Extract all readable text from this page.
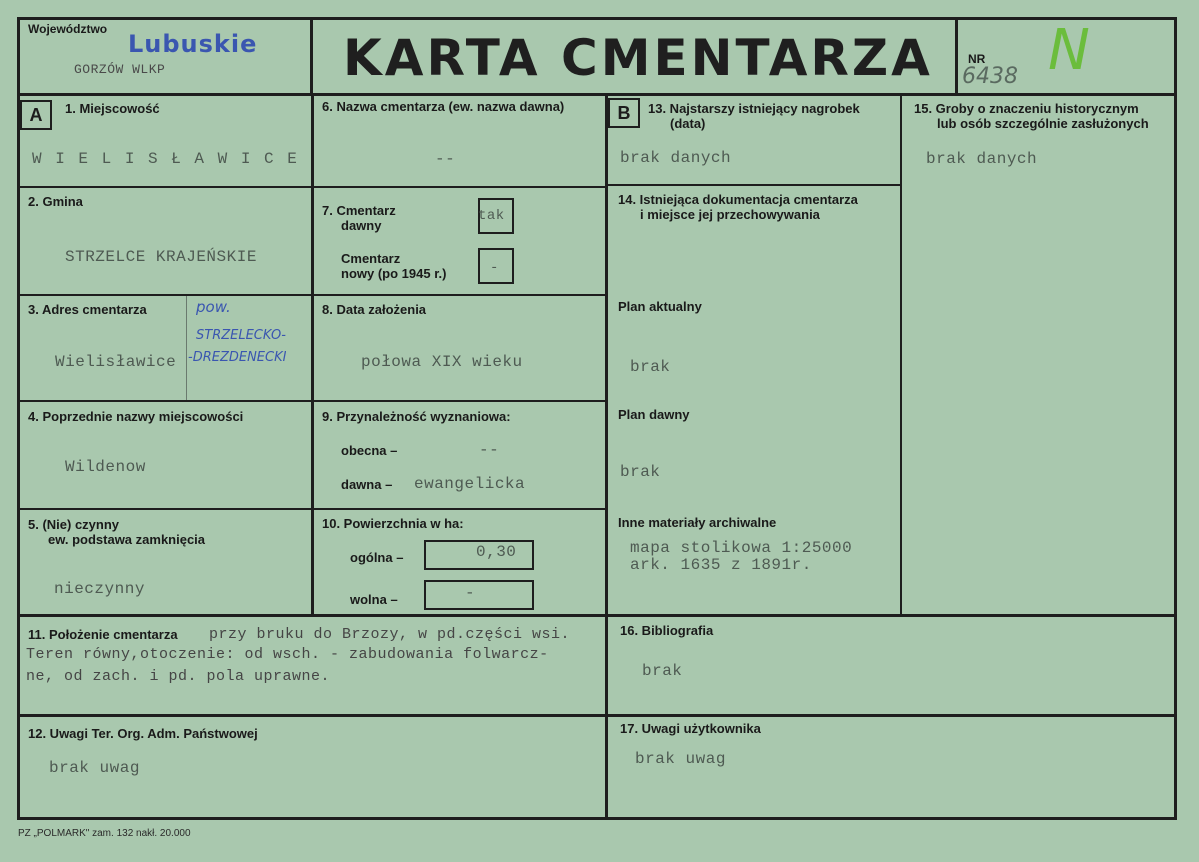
Województwo
Lubuskie
GORZÓW WLKP	KARTA CMENTARZA	NR
6438 N
A	B
1. Miejscowość
W I E L I S Ł A W I C E
2. Gmina
STRZELCE KRAJEŃSKIE
3. Adres cmentarza
Wielisławice
pow.
STRZELECKO-
-DREZDENECKI
4. Poprzednie nazwy miejscowości
Wildenow
5. (Nie) czynny
ew. podstawa zamknięcia
nieczynny
6. Nazwa cmentarza (ew. nazwa dawna)
--
7. Cmentarz
dawny
tak
Cmentarz
nowy (po 1945 r.)	-
8. Data założenia
połowa XIX wieku
9. Przynależność wyznaniowa:
obecna –	--
dawna – ewangelicka
10. Powierzchnia w ha:
ogólna –	0,30
wolna –	-
11. Położenie cmentarza przy bruku do Brzozy, w pd.części wsi.
Teren równy,otoczenie: od wsch. - zabudowania folwarcz-
ne, od zach. i pd. pola uprawne.
12. Uwagi Ter. Org. Adm. Państwowej
brak uwag
13. Najstarszy istniejący nagrobek
(data)
brak danych
14. Istniejąca dokumentacja cmentarza
i miejsce jej przechowywania
Plan aktualny
brak
Plan dawny
brak
Inne materiały archiwalne
mapa stolikowa 1:25000
ark. 1635 z 1891r.
15. Groby o znaczeniu historycznym
lub osób szczególnie zasłużonych
brak danych
16. Bibliografia
brak
17. Uwagi użytkownika
brak uwag
PZ „POLMARK" zam. 132 nakł. 20.000
